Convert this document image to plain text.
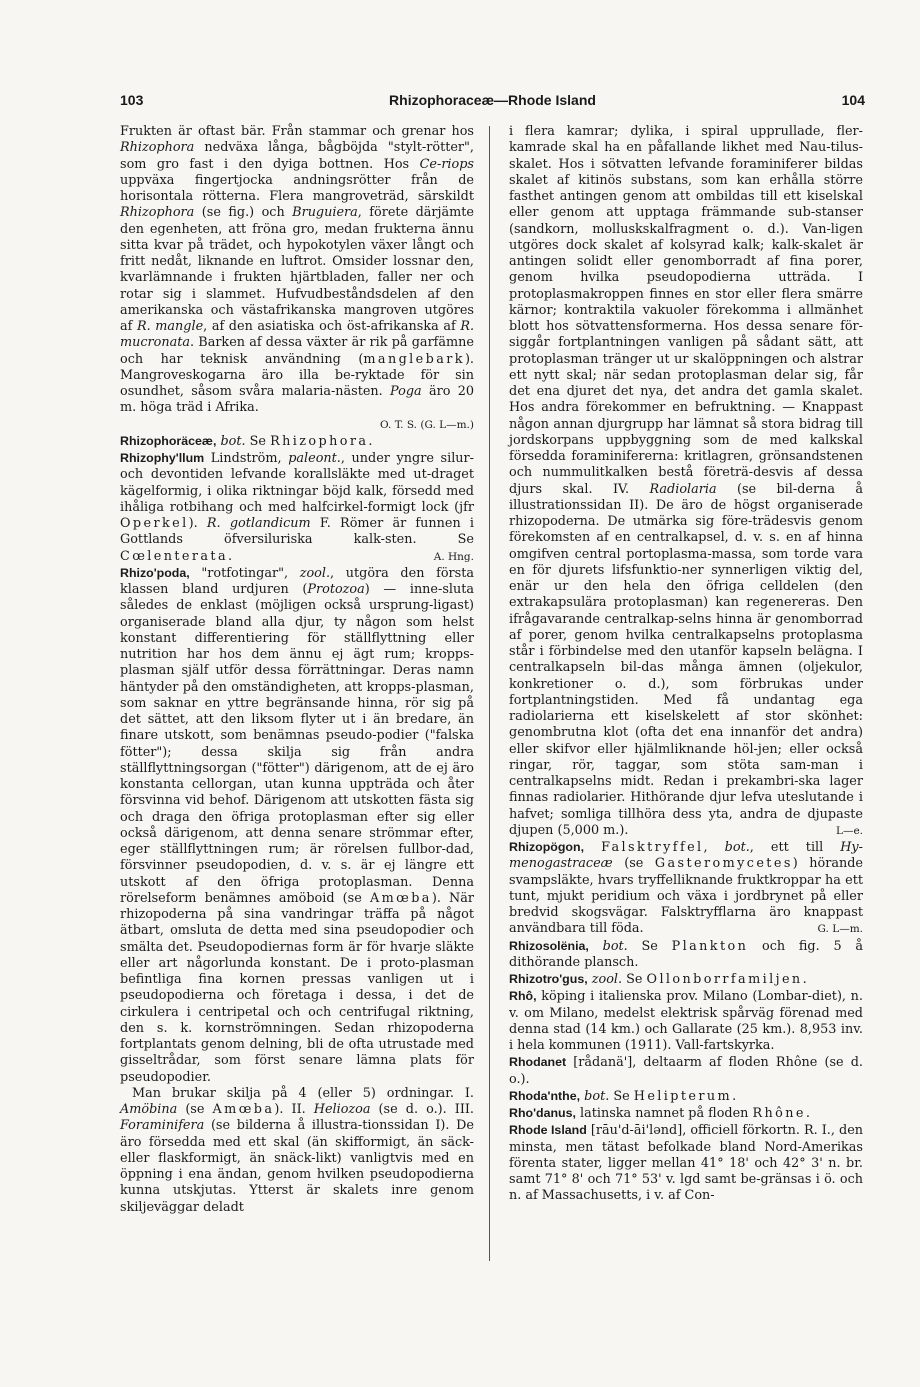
103	Rhizophoraceæ—Rhode Island	104

Frukten är oftast bär. Från stammar och grenar hos Rhizophora nedväxa långa, bågböjda "stylt-rötter", som gro fast i den dyiga bottnen. Hos Ce-riops uppväxa fingertjocka andningsrötter från de horisontala rötterna. Flera mangroveträd, särskildt Rhizophora (se fig.) och Bruguiera, förete därjämte den egenheten, att fröna gro, medan frukterna ännu sitta kvar på trädet, och hypokotylen växer långt och fritt nedåt, liknande en luftrot. Omsider lossnar den, kvarlämnande i frukten hjärtbladen, faller ner och rotar sig i slammet. Hufvudbeståndsdelen af den amerikanska och västafrikanska mangroven utgöres af R. mangle, af den asiatiska och öst-afrikanska af R. mucronata. Barken af dessa växter är rik på garfämne och har teknisk användning (manglebark). Mangroveskogarna äro illa be-ryktade för sin osundhet, såsom svåra malaria-nästen. Poga äro 20 m. höga träd i Afrika.

O. T. S. (G. L—m.)

Rhizophoräceæ, bot. Se Rhizophora.

Rhizophy'llum Lindström, paleont., under yngre silur- och devontiden lefvande korallsläkte med ut-draget kägelformig, i olika riktningar böjd kalk, försedd med ihåliga rotbihang och med halfcirkel-formigt lock (jfr Operkel). R. gotlandicum F. Römer är funnen i Gottlands öfversiluriska kalk-sten. Se Cœlenterata.	A. Hng.

Rhizo'poda, "rotfotingar", zool., utgöra den första klassen bland urdjuren (Protozoa) — inne-sluta således de enklast (möjligen också ursprung-ligast) organiserade bland alla djur, ty någon som helst konstant differentiering för ställflyttning eller nutrition har hos dem ännu ej ägt rum; kropps-plasman själf utför dessa förrättningar. Deras namn häntyder på den omständigheten, att kropps-plasman, som saknar en yttre begränsande hinna, rör sig på det sättet, att den liksom flyter ut i än bredare, än finare utskott, som benämnas pseudo-podier ("falska fötter"); dessa skilja sig från andra ställflyttningsorgan ("fötter") därigenom, att de ej äro konstanta cellorgan, utan kunna uppträda och åter försvinna vid behof. Därigenom att utskotten fästa sig och draga den öfriga protoplasman efter sig eller också därigenom, att denna senare strömmar efter, eger ställflyttningen rum; är rörelsen fullbor-dad, försvinner pseudopodien, d. v. s. är ej längre ett utskott af den öfriga protoplasman. Denna rörelseform benämnes amöboid (se Amœba). När rhizopoderna på sina vandringar träffa på något ätbart, omsluta de detta med sina pseudopodier och smälta det. Pseudopodiernas form är för hvarje släkte eller art någorlunda konstant. De i proto-plasman befintliga fina kornen pressas vanligen ut i pseudopodierna och företaga i dessa, i det de cirkulera i centripetal och och centrifugal riktning, den s. k. kornströmningen. Sedan rhizopoderna fortplantats genom delning, bli de ofta utrustade med gisseltrådar, som först senare lämna plats för pseudopodier.

Man brukar skilja på 4 (eller 5) ordningar. I. Amöbina (se Amœba). II. Heliozoa (se d. o.). III. Foraminifera (se bilderna å illustra-tionssidan I). De äro försedda med ett skal (än skifformigt, än säck- eller flaskformigt, än snäck-likt) vanligtvis med en öppning i ena ändan, genom hvilken pseudopodierna kunna utskjutas. Ytterst är skalets inre genom skiljeväggar deladt

i flera kamrar; dylika, i spiral upprullade, fler-kamrade skal ha en påfallande likhet med Nau-tilus-skalet. Hos i sötvatten lefvande foraminiferer bildas skalet af kitinös substans, som kan erhålla större fasthet antingen genom att ombildas till ett kiselskal eller genom att upptaga främmande sub-stanser (sandkorn, molluskskalfragment o. d.). Van-ligen utgöres dock skalet af kolsyrad kalk; kalk-skalet är antingen solidt eller genomborradt af fina porer, genom hvilka pseudopodierna utträda. I protoplasmakroppen finnes en stor eller flera smärre kärnor; kontraktila vakuoler förekomma i allmänhet blott hos sötvattensformerna. Hos dessa senare för-siggår fortplantningen vanligen på sådant sätt, att protoplasman tränger ut ur skalöppningen och alstrar ett nytt skal; när sedan protoplasman delar sig, får det ena djuret det nya, det andra det gamla skalet. Hos andra förekommer en befruktning. — Knappast någon annan djurgrupp har lämnat så stora bidrag till jordskorpans uppbyggning som de med kalkskal försedda foraminifererna: kritlagren, grönsandstenen och nummulitkalken bestå företrä-desvis af dessa djurs skal. IV. Radiolaria (se bil-derna å illustrationssidan II). De äro de högst organiserade rhizopoderna. De utmärka sig före-trädesvis genom förekomsten af en centralkapsel, d. v. s. en af hinna omgifven central portoplasma-massa, som torde vara en för djurets lifsfunktio-ner synnerligen viktig del, enär ur den hela den öfriga celldelen (den extrakapsulära protoplasman) kan regenereras. Den ifrågavarande centralkap-selns hinna är genomborrad af porer, genom hvilka centralkapselns protoplasma står i förbindelse med den utanför kapseln belägna. I centralkapseln bil-das många ämnen (oljekulor, konkretioner o. d.), som förbrukas under fortplantningstiden. Med få undantag ega radiolarierna ett kiselskelett af stor skönhet: genombrutna klot (ofta det ena innanför det andra) eller skifvor eller hjälmliknande höl-jen; eller också ringar, rör, taggar, som stöta sam-man i centralkapselns midt. Redan i prekambri-ska lager finnas radiolarier. Hithörande djur lefva uteslutande i hafvet; somliga tillhöra dess yta, andra de djupaste djupen (5,000 m.).	L—e.

Rhizopögon, Falsktryffel, bot., ett till Hy-menogastraceæ (se Gasteromycetes) hörande svampsläkte, hvars tryffelliknande fruktkroppar ha ett tunt, mjukt peridium och växa i jordbrynet på eller bredvid skogsvägar. Falsktryfflarna äro knappast användbara till föda.	G. L—m.

Rhizosolënia, bot. Se Plankton och fig. 5 å dithörande plansch.

Rhizotro'gus, zool. Se Ollonborrfamiljen.

Rhô, köping i italienska prov. Milano (Lombar-diet), n. v. om Milano, medelst elektrisk spårväg förenad med denna stad (14 km.) och Gallarate (25 km.). 8,953 inv. i hela kommunen (1911). Vall-fartskyrka.

Rhodanet [rådanä'], deltaarm af floden Rhône (se d. o.).

Rhoda'nthe, bot. Se Helipterum.

Rho'danus, latinska namnet på floden Rhône.

Rhode Island [rāu'd-āi'lənd], officiell förkortn. R. I., den minsta, men tätast befolkade bland Nord-Amerikas förenta stater, ligger mellan 41° 18' och 42° 3' n. br. samt 71° 8' och 71° 53' v. lgd samt be-gränsas i ö. och n. af Massachusetts, i v. af Con-
